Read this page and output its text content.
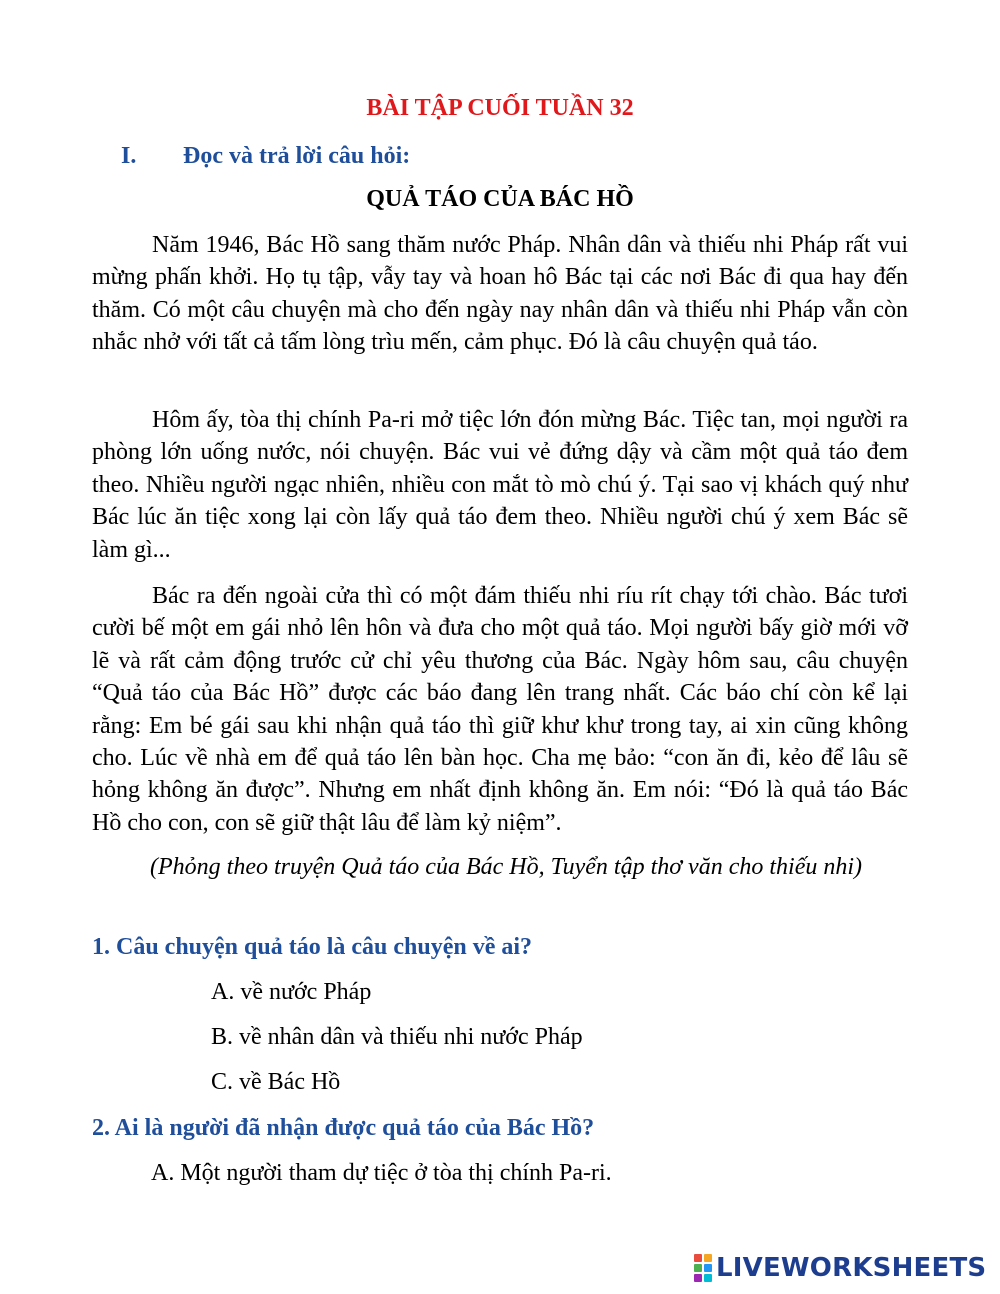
BÀI TẬP CUỐI TUẦN 32
I. Đọc và trả lời câu hỏi:
QUẢ TÁO CỦA BÁC HỒ

Năm 1946, Bác Hồ sang thăm nước Pháp. Nhân dân và thiếu nhi Pháp rất vui mừng phấn khởi. Họ tụ tập, vẫy tay và hoan hô Bác tại các nơi Bác đi qua hay đến thăm. Có một câu chuyện mà cho đến ngày nay nhân dân và thiếu nhi Pháp vẫn còn nhắc nhở với tất cả tấm lòng trìu mến, cảm phục. Đó là câu chuyện quả táo.

Hôm ấy, tòa thị chính Pa-ri mở tiệc lớn đón mừng Bác. Tiệc tan, mọi người ra phòng lớn uống nước, nói chuyện. Bác vui vẻ đứng dậy và cầm một quả táo đem theo. Nhiều người ngạc nhiên, nhiều con mắt tò mò chú ý. Tại sao vị khách quý như Bác lúc ăn tiệc xong lại còn lấy quả táo đem theo. Nhiều người chú ý xem Bác sẽ làm gì...

Bác ra đến ngoài cửa thì có một đám thiếu nhi ríu rít chạy tới chào. Bác tươi cười bế một em gái nhỏ lên hôn và đưa cho một quả táo. Mọi người bấy giờ mới vỡ lẽ và rất cảm động trước cử chỉ yêu thương của Bác. Ngày hôm sau, câu chuyện “Quả táo của Bác Hồ” được các báo đang lên trang nhất. Các báo chí còn kể lại rằng: Em bé gái sau khi nhận quả táo thì giữ khư khư trong tay, ai xin cũng không cho. Lúc về nhà em để quả táo lên bàn học. Cha mẹ bảo: “con ăn đi, kẻo để lâu sẽ hỏng không ăn được”. Nhưng em nhất định không ăn. Em nói: “Đó là quả táo Bác Hồ cho con, con sẽ giữ thật lâu để làm kỷ niệm”.

(Phỏng theo truyện Quả táo của Bác Hồ, Tuyển tập thơ văn cho thiếu nhi)

1. Câu chuyện quả táo là câu chuyện về ai?
A. về nước Pháp
B. về nhân dân và thiếu nhi nước Pháp
C. về Bác Hồ
2. Ai là người đã nhận được quả táo của Bác Hồ?
A. Một người tham dự tiệc ở tòa thị chính Pa-ri.
LIVEWORKSHEETS
